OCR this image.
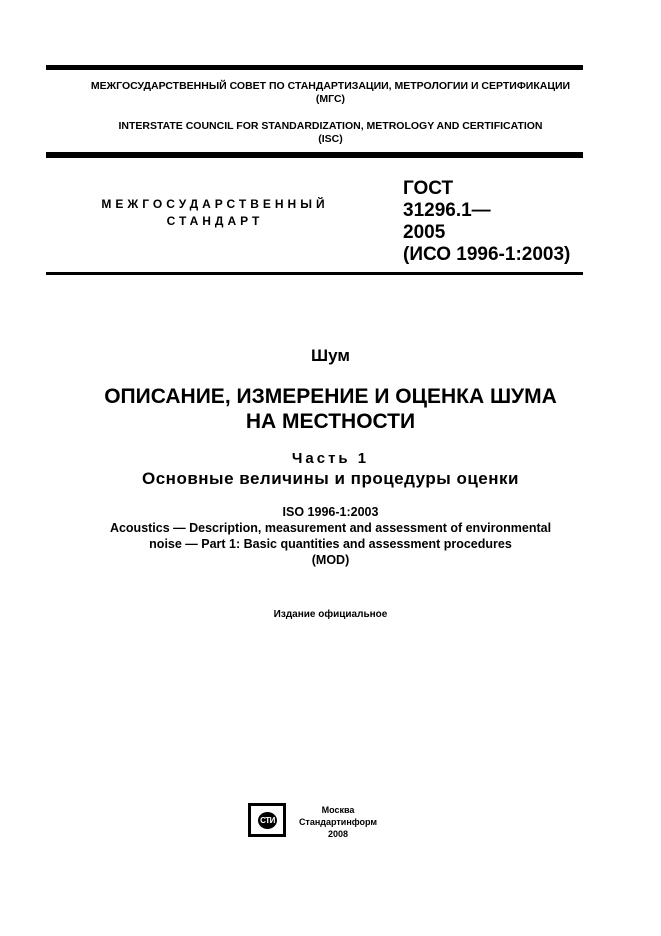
МЕЖГОСУДАРСТВЕННЫЙ СОВЕТ ПО СТАНДАРТИЗАЦИИ, МЕТРОЛОГИИ И СЕРТИФИКАЦИИ
(МГС)
INTERSTATE COUNCIL FOR STANDARDIZATION, METROLOGY AND CERTIFICATION
(ISC)
МЕЖГОСУДАРСТВЕННЫЙ
СТАНДАРТ
ГОСТ
31296.1—
2005
(ИСО 1996-1:2003)
Шум
ОПИСАНИЕ, ИЗМЕРЕНИЕ И ОЦЕНКА ШУМА
НА МЕСТНОСТИ
Часть 1
Основные величины и процедуры оценки
ISO 1996-1:2003
Acoustics — Description, measurement and assessment of environmental
noise — Part 1: Basic quantities and assessment procedures
(MOD)
Издание официальное
СТИ
Москва
Стандартинформ
2008
